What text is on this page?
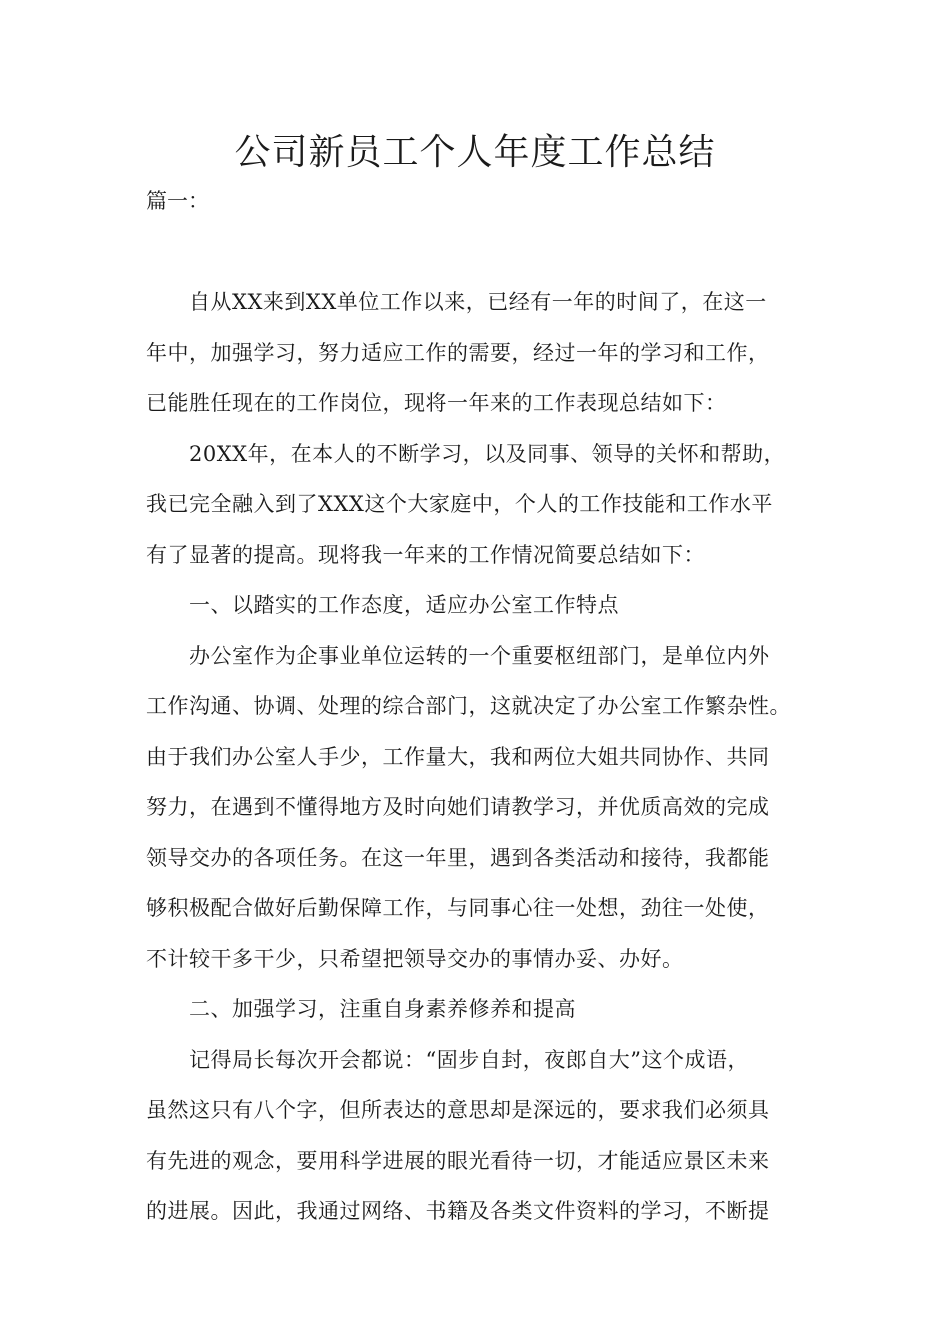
公司新员工个人年度工作总结

篇一：

自从XX来到XX单位工作以来，已经有一年的时间了，在这一
年中，加强学习，努力适应工作的需要，经过一年的学习和工作，
已能胜任现在的工作岗位，现将一年来的工作表现总结如下：
20XX年，在本人的不断学习，以及同事、领导的关怀和帮助，
我已完全融入到了XXX这个大家庭中，个人的工作技能和工作水平
有了显著的提高。现将我一年来的工作情况简要总结如下：
一、以踏实的工作态度，适应办公室工作特点
办公室作为企事业单位运转的一个重要枢纽部门，是单位内外
工作沟通、协调、处理的综合部门，这就决定了办公室工作繁杂性。
由于我们办公室人手少，工作量大，我和两位大姐共同协作、共同
努力，在遇到不懂得地方及时向她们请教学习，并优质高效的完成
领导交办的各项任务。在这一年里，遇到各类活动和接待，我都能
够积极配合做好后勤保障工作，与同事心往一处想，劲往一处使，
不计较干多干少，只希望把领导交办的事情办妥、办好。
二、加强学习，注重自身素养修养和提高
记得局长每次开会都说：“固步自封，夜郎自大”这个成语，
虽然这只有八个字，但所表达的意思却是深远的，要求我们必须具
有先进的观念，要用科学进展的眼光看待一切，才能适应景区未来
的进展。因此，我通过网络、书籍及各类文件资料的学习，不断提
